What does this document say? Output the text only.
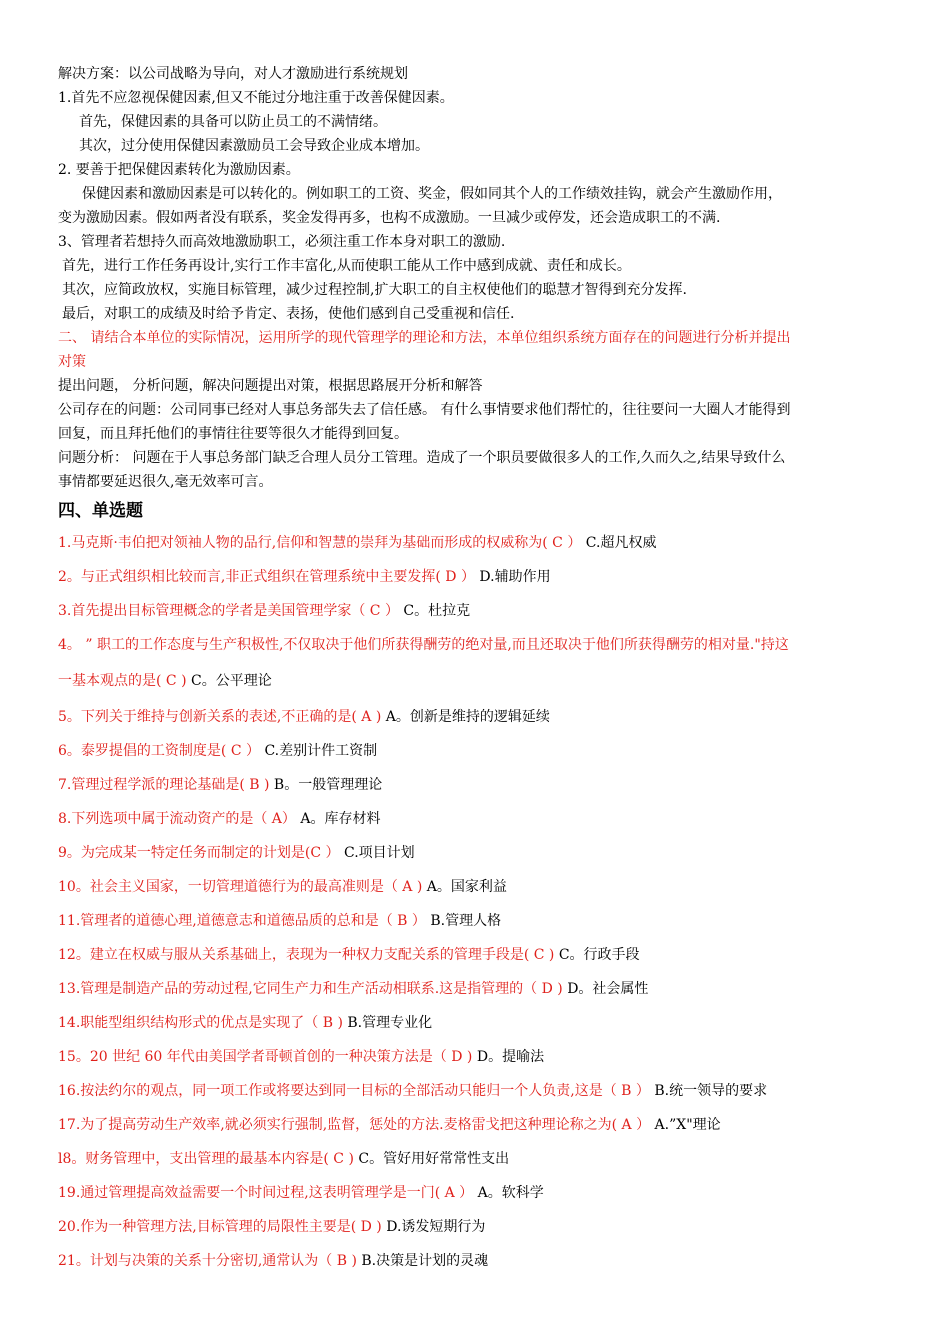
解决方案：以公司战略为导向，对人才激励进行系统规划
1.首先不应忽视保健因素,但又不能过分地注重于改善保健因素。
首先，保健因素的具备可以防止员工的不满情绪。
其次，过分使用保健因素激励员工会导致企业成本增加。
2. 要善于把保健因素转化为激励因素。
保健因素和激励因素是可以转化的。例如职工的工资、奖金，假如同其个人的工作绩效挂钩，就会产生激励作用，
变为激励因素。假如两者没有联系，奖金发得再多，也构不成激励。一旦减少或停发，还会造成职工的不满.
3、管理者若想持久而高效地激励职工，必须注重工作本身对职工的激励.
首先，进行工作任务再设计,实行工作丰富化,从而使职工能从工作中感到成就、责任和成长。
其次，应简政放权，实施目标管理，减少过程控制,扩大职工的自主权使他们的聪慧才智得到充分发挥.
最后，对职工的成绩及时给予肯定、表扬，使他们感到自己受重视和信任.
二、 请结合本单位的实际情况，运用所学的现代管理学的理论和方法，本单位组织系统方面存在的问题进行分析并提出
对策
提出问题， 分析问题，解决问题提出对策，根据思路展开分析和解答
公司存在的问题：公司同事已经对人事总务部失去了信任感。 有什么事情要求他们帮忙的，往往要问一大圈人才能得到
回复，而且拜托他们的事情往往要等很久才能得到回复。
问题分析： 问题在于人事总务部门缺乏合理人员分工管理。造成了一个职员要做很多人的工作,久而久之,结果导致什么
事情都要延迟很久,毫无效率可言。
四、单选题
1.马克斯·韦伯把对领袖人物的品行,信仰和智慧的崇拜为基础而形成的权威称为( C ） C.超凡权威
2。与正式组织相比较而言,非正式组织在管理系统中主要发挥( D ） D.辅助作用
3.首先提出目标管理概念的学者是美国管理学家（ C ） C。杜拉克
4。 ” 职工的工作态度与生产积极性,不仅取决于他们所获得酬劳的绝对量,而且还取决于他们所获得酬劳的相对量."持这
一基本观点的是( C ) C。公平理论
5。下列关于维持与创新关系的表述,不正确的是( A ) A。创新是维持的逻辑延续
6。泰罗提倡的工资制度是( C ） C.差别计件工资制
7.管理过程学派的理论基础是( B ) B。一般管理理论
8.下列选项中属于流动资产的是（ A） A。库存材料
9。为完成某一特定任务而制定的计划是(C ） C.项目计划
10。社会主义国家，一切管理道德行为的最高准则是（ A ) A。国家利益
11.管理者的道德心理,道德意志和道德品质的总和是（ B ） B.管理人格
12。建立在权威与服从关系基础上，表现为一种权力支配关系的管理手段是( C ) C。行政手段
13.管理是制造产品的劳动过程,它同生产力和生产活动相联系.这是指管理的（ D ) D。社会属性
14.职能型组织结构形式的优点是实现了（ B ) B.管理专业化
15。20 世纪 60 年代由美国学者哥顿首创的一种决策方法是（ D ) D。提喻法
16.按法约尔的观点，同一项工作或将要达到同一目标的全部活动只能归一个人负责,这是（ B ） B.统一领导的要求
17.为了提高劳动生产效率,就必须实行强制,监督，惩处的方法.麦格雷戈把这种理论称之为( A ） A.”X"理论
l8。财务管理中，支出管理的最基本内容是( C ) C。管好用好常常性支出
19.通过管理提高效益需要一个时间过程,这表明管理学是一门( A ） A。软科学
20.作为一种管理方法,目标管理的局限性主要是( D ) D.诱发短期行为
21。计划与决策的关系十分密切,通常认为（ B ) B.决策是计划的灵魂
